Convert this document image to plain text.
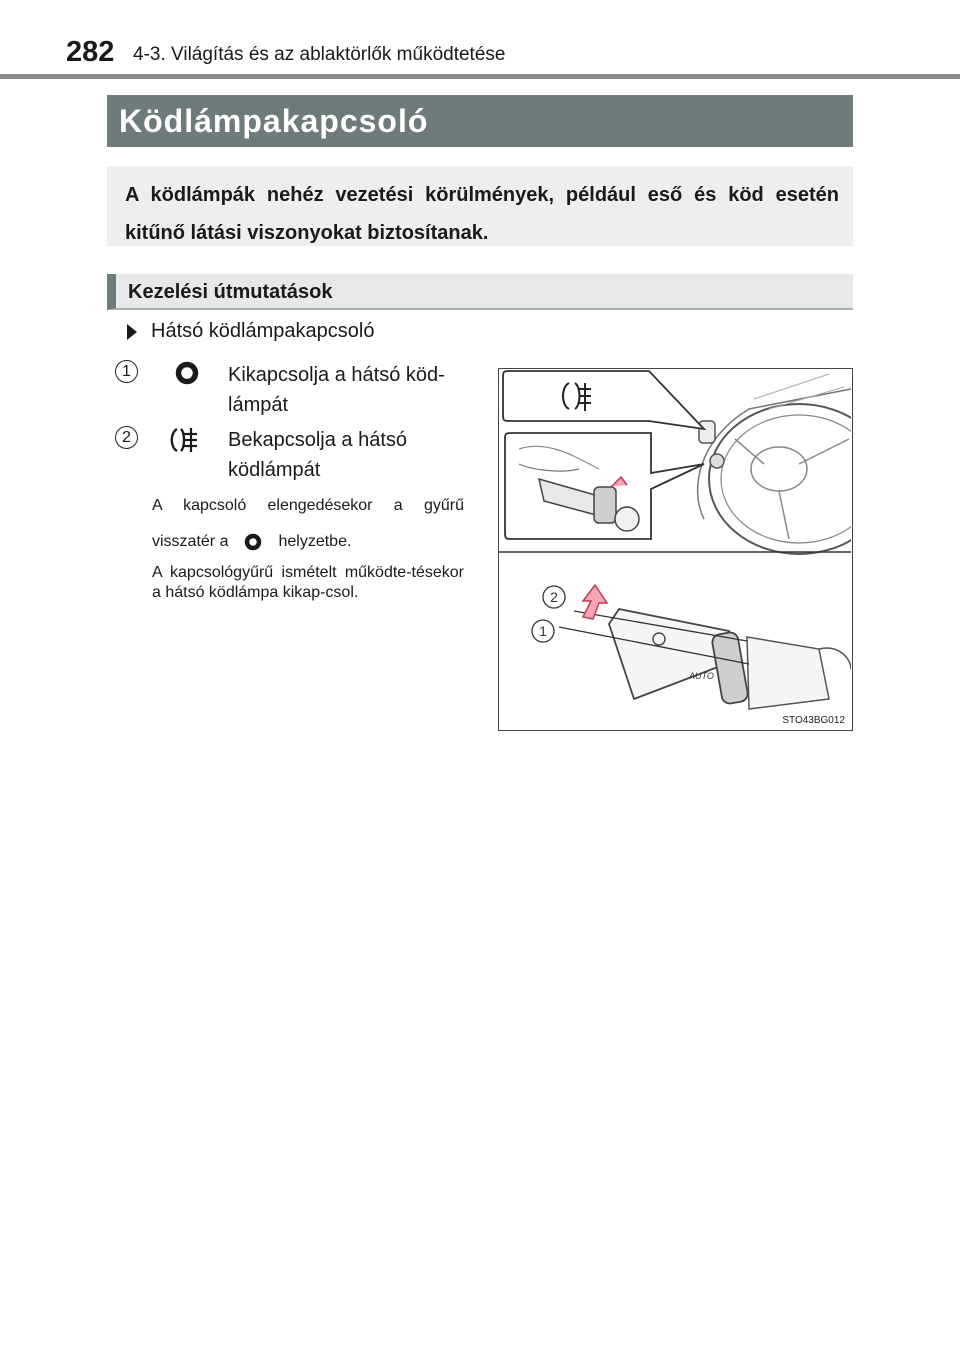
282 4-3. Világítás és az ablaktörlők működtetése
Ködlámpakapcsoló
A ködlámpák nehéz vezetési körülmények, például eső és köd esetén kitűnő látási viszonyokat biztosítanak.
Kezelési útmutatások
Hátsó ködlámpakapcsoló
1	Kikapcsolja a hátsó köd-
lámpát
2	Bekapcsolja a hátsó
ködlámpát
A kapcsoló elengedésekor a gyűrű
visszatér a	helyzetbe.
A kapcsológyűrű ismételt működte-tésekor a hátsó ködlámpa kikap-csol.
AUTO
2
1
STO43BG012
